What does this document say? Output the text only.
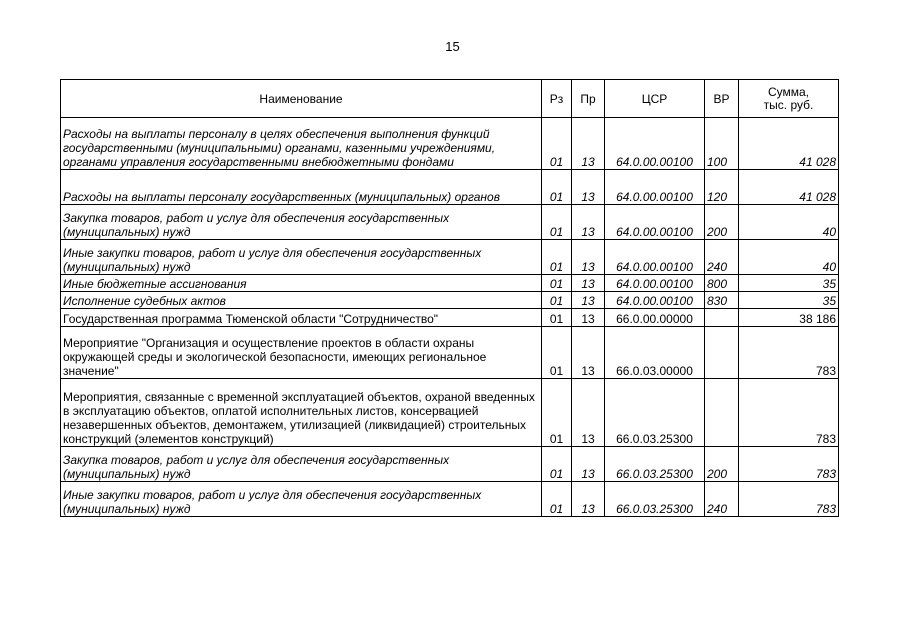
15
Наименование	Рз	Пр	ЦСР	ВР	Сумма,
тыс. руб.

Расходы на выплаты персоналу в целях обеспечения выполнения функций государственными (муниципальными) органами, казенными учреждениями, органами управления государственными внебюджетными фондами	01	13	64.0.00.00100	100	41 028
Расходы на выплаты персоналу государственных (муниципальных) органов	01	13	64.0.00.00100	120	41 028
Закупка товаров, работ и услуг для обеспечения государственных (муниципальных) нужд	01	13	64.0.00.00100	200	40
Иные закупки товаров, работ и услуг для обеспечения государственных (муниципальных) нужд	01	13	64.0.00.00100	240	40
Иные бюджетные ассигнования	01	13	64.0.00.00100	800	35
Исполнение судебных актов	01	13	64.0.00.00100	830	35
Государственная программа Тюменской области "Сотрудничество"	01	13	66.0.00.00000		38 186
Мероприятие "Организация и осуществление проектов в области охраны окружающей среды и экологической безопасности, имеющих региональное значение"	01	13	66.0.03.00000		783
Мероприятия, связанные с временной эксплуатацией объектов, охраной введенных в эксплуатацию объектов, оплатой исполнительных листов, консервацией незавершенных объектов, демонтажем, утилизацией (ликвидацией) строительных конструкций (элементов конструкций)	01	13	66.0.03.25300		783
Закупка товаров, работ и услуг для обеспечения государственных (муниципальных) нужд	01	13	66.0.03.25300	200	783
Иные закупки товаров, работ и услуг для обеспечения государственных (муниципальных) нужд	01	13	66.0.03.25300	240	783
